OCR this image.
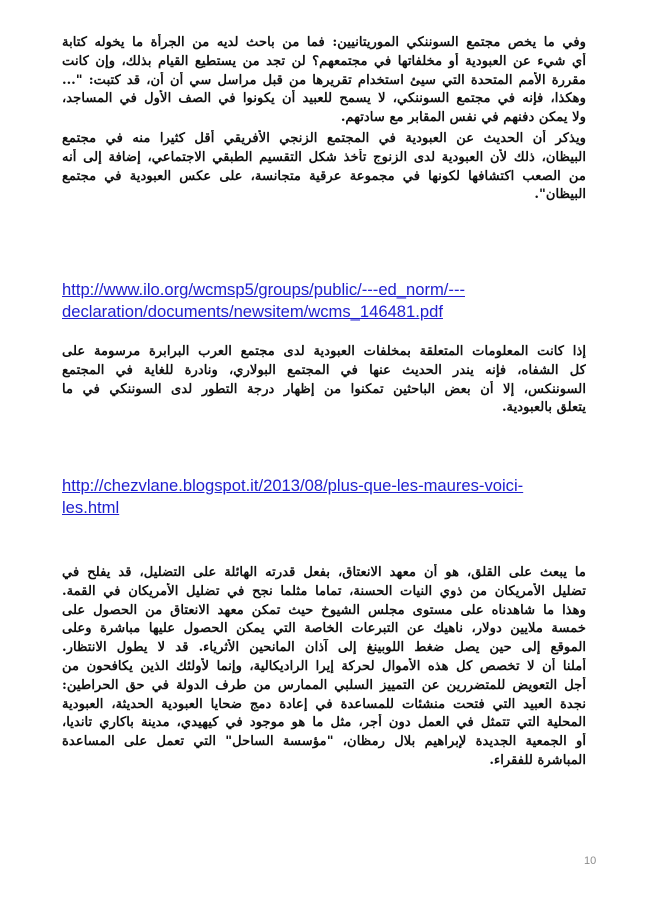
وفي ما يخص مجتمع السوننكي الموريتانيين: فما من باحث لديه من الجرأة ما يخوله كتابة
أي شيء عن العبودية أو مخلفاتها في مجتمعهم؟ لن تجد من يستطيع القيام بذلك، وإن كانت
مقررة الأمم المتحدة التي سيئ استخدام تقريرها من قبل مراسل سي أن أن، قد كتبت: "...
وهكذا، فإنه في مجتمع السوننكي، لا يسمح للعبيد أن يكونوا في الصف الأول في المساجد،
ولا يمكن دفنهم في نفس المقابر مع سادتهم.
ويذكر أن الحديث عن العبودية في المجتمع الزنجي الأفريقي أقل كثيرا منه في مجتمع
البيظان، ذلك لأن العبودية لدى الزنوج تأخذ شكل التقسيم الطبقي الاجتماعي، إضافة إلى أنه
من الصعب اكتشافها لكونها في مجموعة عرقية متجانسة، على عكس العبودية في مجتمع
البيظان".
http://www.ilo.org/wcmsp5/groups/public/---ed_norm/---
declaration/documents/newsitem/wcms_146481.pdf
إذا كانت المعلومات المتعلقة بمخلفات العبودية لدى مجتمع العرب البرابرة مرسومة على
كل الشفاه، فإنه يندر الحديث عنها في المجتمع البولاري، ونادرة للغاية في المجتمع
السوننكس، إلا أن بعض الباحثين تمكنوا من إظهار درجة التطور لدى السوننكي في ما
يتعلق بالعبودية.
http://chezvlane.blogspot.it/2013/08/plus-que-les-maures-voici-
les.html
ما يبعث على القلق، هو أن معهد الانعتاق، بفعل قدرته الهائلة على التضليل، قد يفلح في
تضليل الأمريكان من ذوي النيات الحسنة، تماما مثلما نجح في تضليل الأمريكان في القمة.
وهذا ما شاهدناه على مستوى مجلس الشيوخ حيث تمكن معهد الانعتاق من الحصول على
خمسة ملايين دولار، ناهيك عن التبرعات الخاصة التي يمكن الحصول عليها مباشرة وعلى
الموقع إلى حين يصل ضغط اللوبينغ إلى آذان المانحين الأثرياء. قد لا يطول الانتظار.
أملنا أن لا تخصص كل هذه الأموال لحركة إيرا الراديكالية، وإنما لأولئك الذين يكافحون من
أجل التعويض للمتضررين عن التمييز السلبي الممارس من طرف الدولة في حق الحراطين:
نجدة العبيد التي فتحت منشئات للمساعدة في إعادة دمج ضحايا العبودية الحديثة، العبودية
المحلية التي تتمثل في العمل دون أجر، مثل ما هو موجود في كيهيدي، مدينة باكاري تانديا،
أو الجمعية الجديدة لإبراهيم بلال رمظان، "مؤسسة الساحل" التي تعمل على المساعدة
المباشرة للفقراء.
10
